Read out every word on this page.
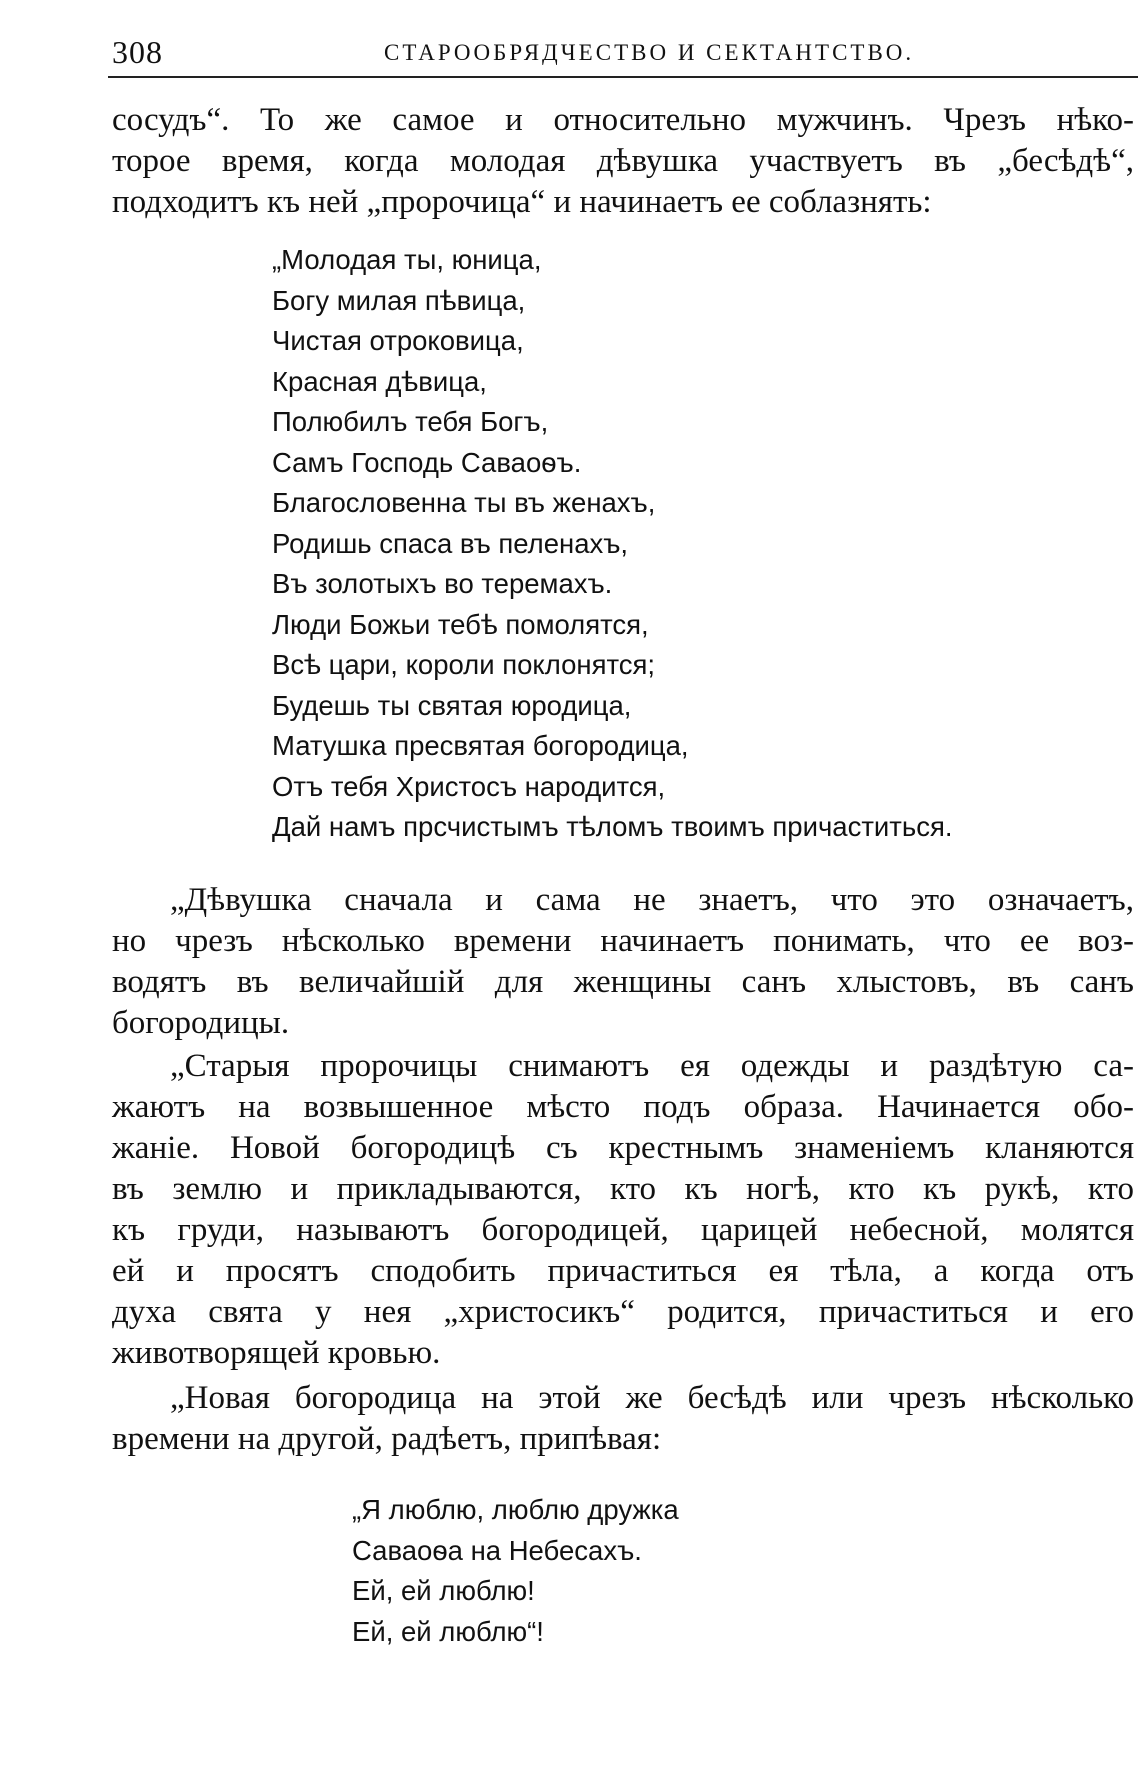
308	СТАРООБРЯДЧЕСТВО И СЕКТАНТСТВО.

сосудъ“. То же самое и относительно мужчинъ. Чрезъ нѣко-
торое время, когда молодая дѣвушка участвуетъ въ „бесѣдѣ“,
подходитъ къ ней „пророчица“ и начинаетъ ее соблазнять:

„Молодая ты, юница,
Богу милая пѣвица,
Чистая отроковица,
Красная дѣвица,
Полюбилъ тебя Богъ,
Самъ Господь Саваоѳъ.
Благословенна ты въ женахъ,
Родишь спаса въ пеленахъ,
Въ золотыхъ во теремахъ.
Люди Божьи тебѣ помолятся,
Всѣ цари, короли поклонятся;
Будешь ты святая юродица,
Матушка пресвятая богородица,
Отъ тебя Христосъ народится,
Дай намъ прсчистымъ тѣломъ твоимъ причаститься.

„Дѣвушка сначала и сама не знаетъ, что это означаетъ,
но чрезъ нѣсколько времени начинаетъ понимать, что ее воз-
водятъ въ величайшій для женщины санъ хлыстовъ, въ санъ
богородицы.

„Старыя пророчицы снимаютъ ея одежды и раздѣтую са-
жаютъ на возвышенное мѣсто подъ образа. Начинается обо-
жаніе. Новой богородицѣ съ крестнымъ знаменіемъ кланяются
въ землю и прикладываются, кто къ ногѣ, кто къ рукѣ, кто
къ груди, называютъ богородицей, царицей небесной, молятся
ей и просятъ сподобить причаститься ея тѣла, а когда отъ
духа свята у нея „христосикъ“ родится, причаститься и его
животворящей кровью.

„Новая богородица на этой же бесѣдѣ или чрезъ нѣсколько
времени на другой, радѣетъ, припѣвая:

„Я люблю, люблю дружка
Саваоѳа на Небесахъ.
Ей, ей люблю!
Ей, ей люблю“!
